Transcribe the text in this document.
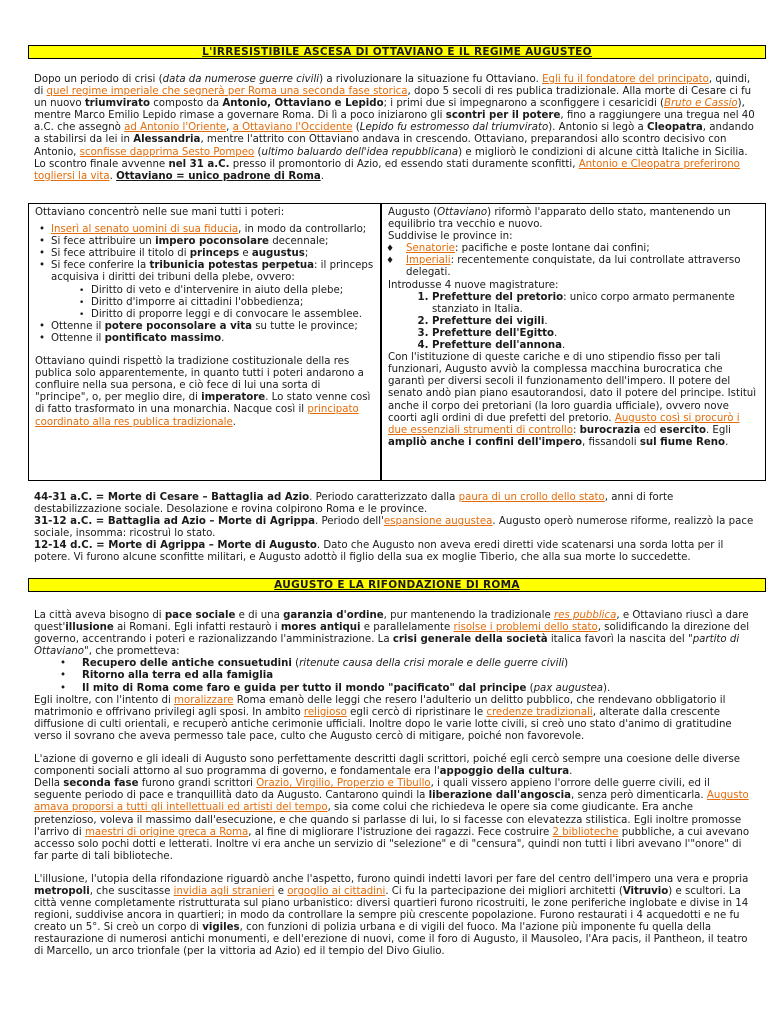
L'IRRESISTIBILE ASCESA DI OTTAVIANO E IL REGIME AUGUSTEO

Dopo un periodo di crisi (data da numerose guerre civili) a rivoluzionare la situazione fu Ottaviano. Egli fu il fondatore del principato, quindi, di quel regime imperiale che segnerà per Roma una seconda fase storica, dopo 5 secoli di res publica tradizionale. Alla morte di Cesare ci fu un nuovo triumvirato composto da Antonio, Ottaviano e Lepido; i primi due si impegnarono a sconfiggere i cesaricidi (Bruto e Cassio), mentre Marco Emilio Lepido rimase a governare Roma. Di lì a poco iniziarono gli scontri per il potere, fino a raggiungere una tregua nel 40 a.C. che assegnò ad Antonio l'Oriente, a Ottaviano l'Occidente (Lepido fu estromesso dal triumvirato). Antonio si legò a Cleopatra, andando a stabilirsi da lei in Alessandria, mentre l'attrito con Ottaviano andava in crescendo. Ottaviano, preparandosi allo scontro decisivo con Antonio, sconfisse dapprima Sesto Pompeo (ultimo baluardo dell'idea repubblicana) e migliorò le condizioni di alcune città Italiche in Sicilia. Lo scontro finale avvenne nel 31 a.C. presso il promontorio di Azio, ed essendo stati duramente sconfitti, Antonio e Cleopatra preferirono togliersi la vita. Ottaviano = unico padrone di Roma.

Ottaviano concentrò nelle sue mani tutti i poteri:

• Inserì al senato uomini di sua fiducia, in modo da controllarlo;
• Si fece attribuire un impero poconsolare decennale;
• Si fece attribuire il titolo di princeps e augustus;
• Si fece conferire la tribunicia potestas perpetua: il princeps acquisiva i diritti dei tribuni della plebe, ovvero:
• Diritto di veto e d'intervenire in aiuto della plebe;
• Diritto d'imporre ai cittadini l'obbedienza;
• Diritto di proporre leggi e di convocare le assemblee.
• Ottenne il potere poconsolare a vita su tutte le province;
• Ottenne il pontificato massimo.

Ottaviano quindi rispettò la tradizione costituzionale della res publica solo apparentemente, in quanto tutti i poteri andarono a confluire nella sua persona, e ciò fece di lui una sorta di "principe", o, per meglio dire, di imperatore. Lo stato venne così di fatto trasformato in una monarchia. Nacque così il principato coordinato alla res publica tradizionale.

Augusto (Ottaviano) riformò l'apparato dello stato, mantenendo un equilibrio tra vecchio e nuovo.

Suddivise le province in:

♦ Senatorie: pacifiche e poste lontane dai confini;
♦ Imperiali: recentemente conquistate, da lui controllate attraverso delegati.

Introdusse 4 nuove magistrature:

1. Prefetture del pretorio: unico corpo armato permanente stanziato in Italia.
2. Prefetture dei vigili.
3. Prefetture dell'Egitto.
4. Prefetture dell'annona.

Con l'istituzione di queste cariche e di uno stipendio fisso per tali funzionari, Augusto avviò la complessa macchina burocratica che garantì per diversi secoli il funzionamento dell'impero. Il potere del senato andò pian piano esautorandosi, dato il potere del principe. Istituì anche il corpo dei pretoriani (la loro guardia ufficiale), ovvero nove coorti agli ordini di due prefetti del pretorio. Augusto così si procurò i due essenziali strumenti di controllo: burocrazia ed esercito. Egli ampliò anche i confini dell'impero, fissandoli sul fiume Reno.

44-31 a.C. = Morte di Cesare – Battaglia ad Azio. Periodo caratterizzato dalla paura di un crollo dello stato, anni di forte destabilizzazione sociale. Desolazione e rovina colpirono Roma e le province.

31-12 a.C. = Battaglia ad Azio – Morte di Agrippa. Periodo dell'espansione augustea. Augusto operò numerose riforme, realizzò la pace sociale, insomma: ricostruì lo stato.

12-14 d.C. = Morte di Agrippa – Morte di Augusto. Dato che Augusto non aveva eredi diretti vide scatenarsi una sorda lotta per il potere. Vi furono alcune sconfitte militari, e Augusto adottò il figlio della sua ex moglie Tiberio, che alla sua morte lo succedette.

AUGUSTO E LA RIFONDAZIONE DI ROMA

La città aveva bisogno di pace sociale e di una garanzia d'ordine, pur mantenendo la tradizionale res pubblica, e Ottaviano riuscì a dare quest'illusione ai Romani. Egli infatti restaurò i mores antiqui e parallelamente risolse i problemi dello stato, solidificando la direzione del governo, accentrando i poteri e razionalizzando l'amministrazione. La crisi generale della società italica favorì la nascita del "partito di Ottaviano", che prometteva:

• Recupero delle antiche consuetudini (ritenute causa della crisi morale e delle guerre civili)
• Ritorno alla terra ed alla famiglia
• Il mito di Roma come faro e guida per tutto il mondo "pacificato" dal principe (pax augustea).

Egli inoltre, con l'intento di moralizzare Roma emanò delle leggi che resero l'adulterio un delitto pubblico, che rendevano obbligatorio il matrimonio e offrivano privilegi agli sposi. In ambito religioso egli cercò di ripristinare le credenze tradizionali, alterate dalla crescente diffusione di culti orientali, e recuperò antiche cerimonie ufficiali. Inoltre dopo le varie lotte civili, si creò uno stato d'animo di gratitudine verso il sovrano che aveva permesso tale pace, culto che Augusto cercò di mitigare, poiché non favorevole.

L'azione di governo e gli ideali di Augusto sono perfettamente descritti dagli scrittori, poiché egli cercò sempre una coesione delle diverse componenti sociali attorno al suo programma di governo, e fondamentale era l'appoggio della cultura.

Della seconda fase furono grandi scrittori Orazio, Virgilio, Properzio e Tibullo, i quali vissero appieno l'orrore delle guerre civili, ed il seguente periodo di pace e tranquillità dato da Augusto. Cantarono quindi la liberazione dall'angoscia, senza però dimenticarla. Augusto amava proporsi a tutti gli intellettuali ed artisti del tempo, sia come colui che richiedeva le opere sia come giudicante. Era anche pretenzioso, voleva il massimo dall'esecuzione, e che quando si parlasse di lui, lo si facesse con elevatezza stilistica. Egli inoltre promosse l'arrivo di maestri di origine greca a Roma, al fine di migliorare l'istruzione dei ragazzi. Fece costruire 2 biblioteche pubbliche, a cui avevano accesso solo pochi dotti e letterati. Inoltre vi era anche un servizio di "selezione" e di "censura", quindi non tutti i libri avevano l'"onore" di far parte di tali biblioteche.

L'illusione, l'utopia della rifondazione riguardò anche l'aspetto, furono quindi indetti lavori per fare del centro dell'impero una vera e propria metropoli, che suscitasse invidia agli stranieri e orgoglio ai cittadini. Ci fu la partecipazione dei migliori architetti (Vitruvio) e scultori. La città venne completamente ristrutturata sul piano urbanistico: diversi quartieri furono ricostruiti, le zone periferiche inglobate e divise in 14 regioni, suddivise ancora in quartieri; in modo da controllare la sempre più crescente popolazione. Furono restaurati i 4 acquedotti e ne fu creato un 5°. Si creò un corpo di vigiles, con funzioni di polizia urbana e di vigili del fuoco. Ma l'azione più imponente fu quella della restaurazione di numerosi antichi monumenti, e dell'erezione di nuovi, come il foro di Augusto, il Mausoleo, l'Ara pacis, il Pantheon, il teatro di Marcello, un arco trionfale (per la vittoria ad Azio) ed il tempio del Divo Giulio.
